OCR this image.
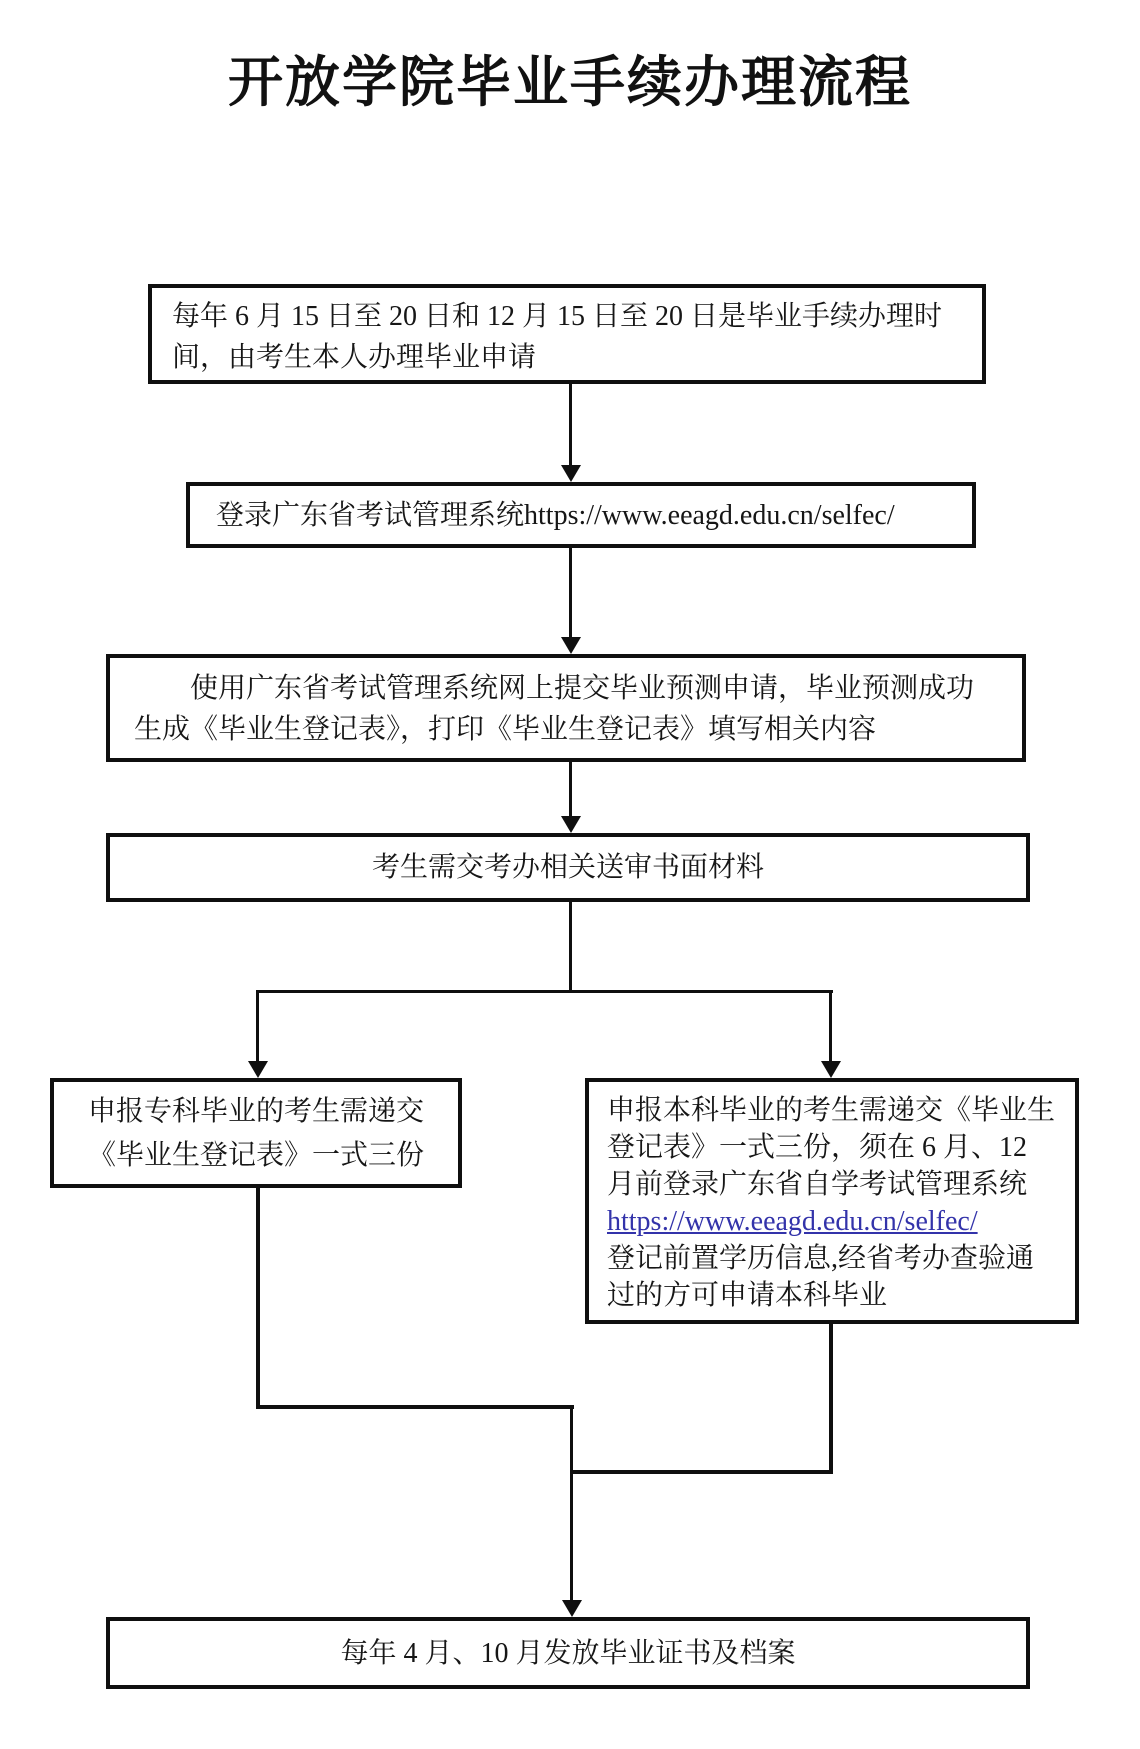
开放学院毕业手续办理流程
每年 6 月 15 日至 20 日和 12 月 15 日至 20 日是毕业手续办理时间，由考生本人办理毕业申请
登录广东省考试管理系统 https://www.eeagd.edu.cn/selfec/
使用广东省考试管理系统网上提交毕业预测申请，毕业预测成功生成《毕业生登记表》，打印《毕业生登记表》填写相关内容
考生需交考办相关送审书面材料
申报专科毕业的考生需递交
《毕业生登记表》一式三份
申报本科毕业的考生需递交《毕业生
登记表》一式三份，须在 6 月、12
月前登录广东省自学考试管理系统
https://www.eeagd.edu.cn/selfec/
登记前置学历信息,经省考办查验通
过的方可申请本科毕业
每年 4 月、10 月发放毕业证书及档案
